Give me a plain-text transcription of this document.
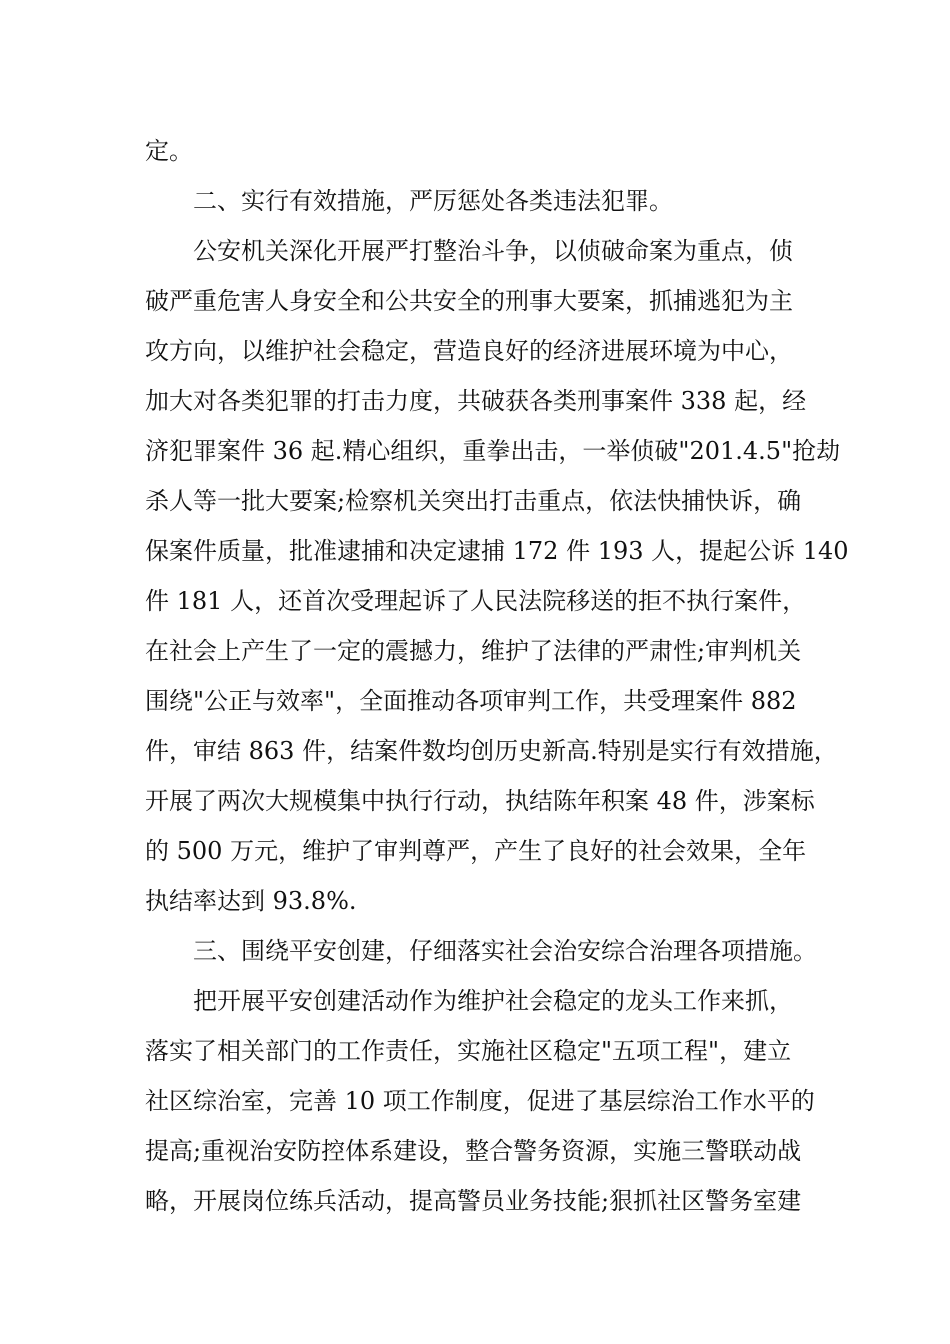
定。
二、实行有效措施，严厉惩处各类违法犯罪。
公安机关深化开展严打整治斗争，以侦破命案为重点，侦
破严重危害人身安全和公共安全的刑事大要案，抓捕逃犯为主
攻方向，以维护社会稳定，营造良好的经济进展环境为中心，
加大对各类犯罪的打击力度，共破获各类刑事案件 338 起，经
济犯罪案件 36 起.精心组织，重拳出击，一举侦破"201.4.5"抢劫
杀人等一批大要案;检察机关突出打击重点，依法快捕快诉，确
保案件质量，批准逮捕和决定逮捕 172 件 193 人，提起公诉 140
件 181 人，还首次受理起诉了人民法院移送的拒不执行案件，
在社会上产生了一定的震撼力，维护了法律的严肃性;审判机关
围绕"公正与效率"，全面推动各项审判工作，共受理案件 882
件，审结 863 件，结案件数均创历史新高.特别是实行有效措施，
开展了两次大规模集中执行行动，执结陈年积案 48 件，涉案标
的 500 万元，维护了审判尊严，产生了良好的社会效果，全年
执结率达到 93.8%.
三、围绕平安创建，仔细落实社会治安综合治理各项措施。
把开展平安创建活动作为维护社会稳定的龙头工作来抓，
落实了相关部门的工作责任，实施社区稳定"五项工程"，建立
社区综治室，完善 10 项工作制度，促进了基层综治工作水平的
提高;重视治安防控体系建设，整合警务资源，实施三警联动战
略，开展岗位练兵活动，提高警员业务技能;狠抓社区警务室建
